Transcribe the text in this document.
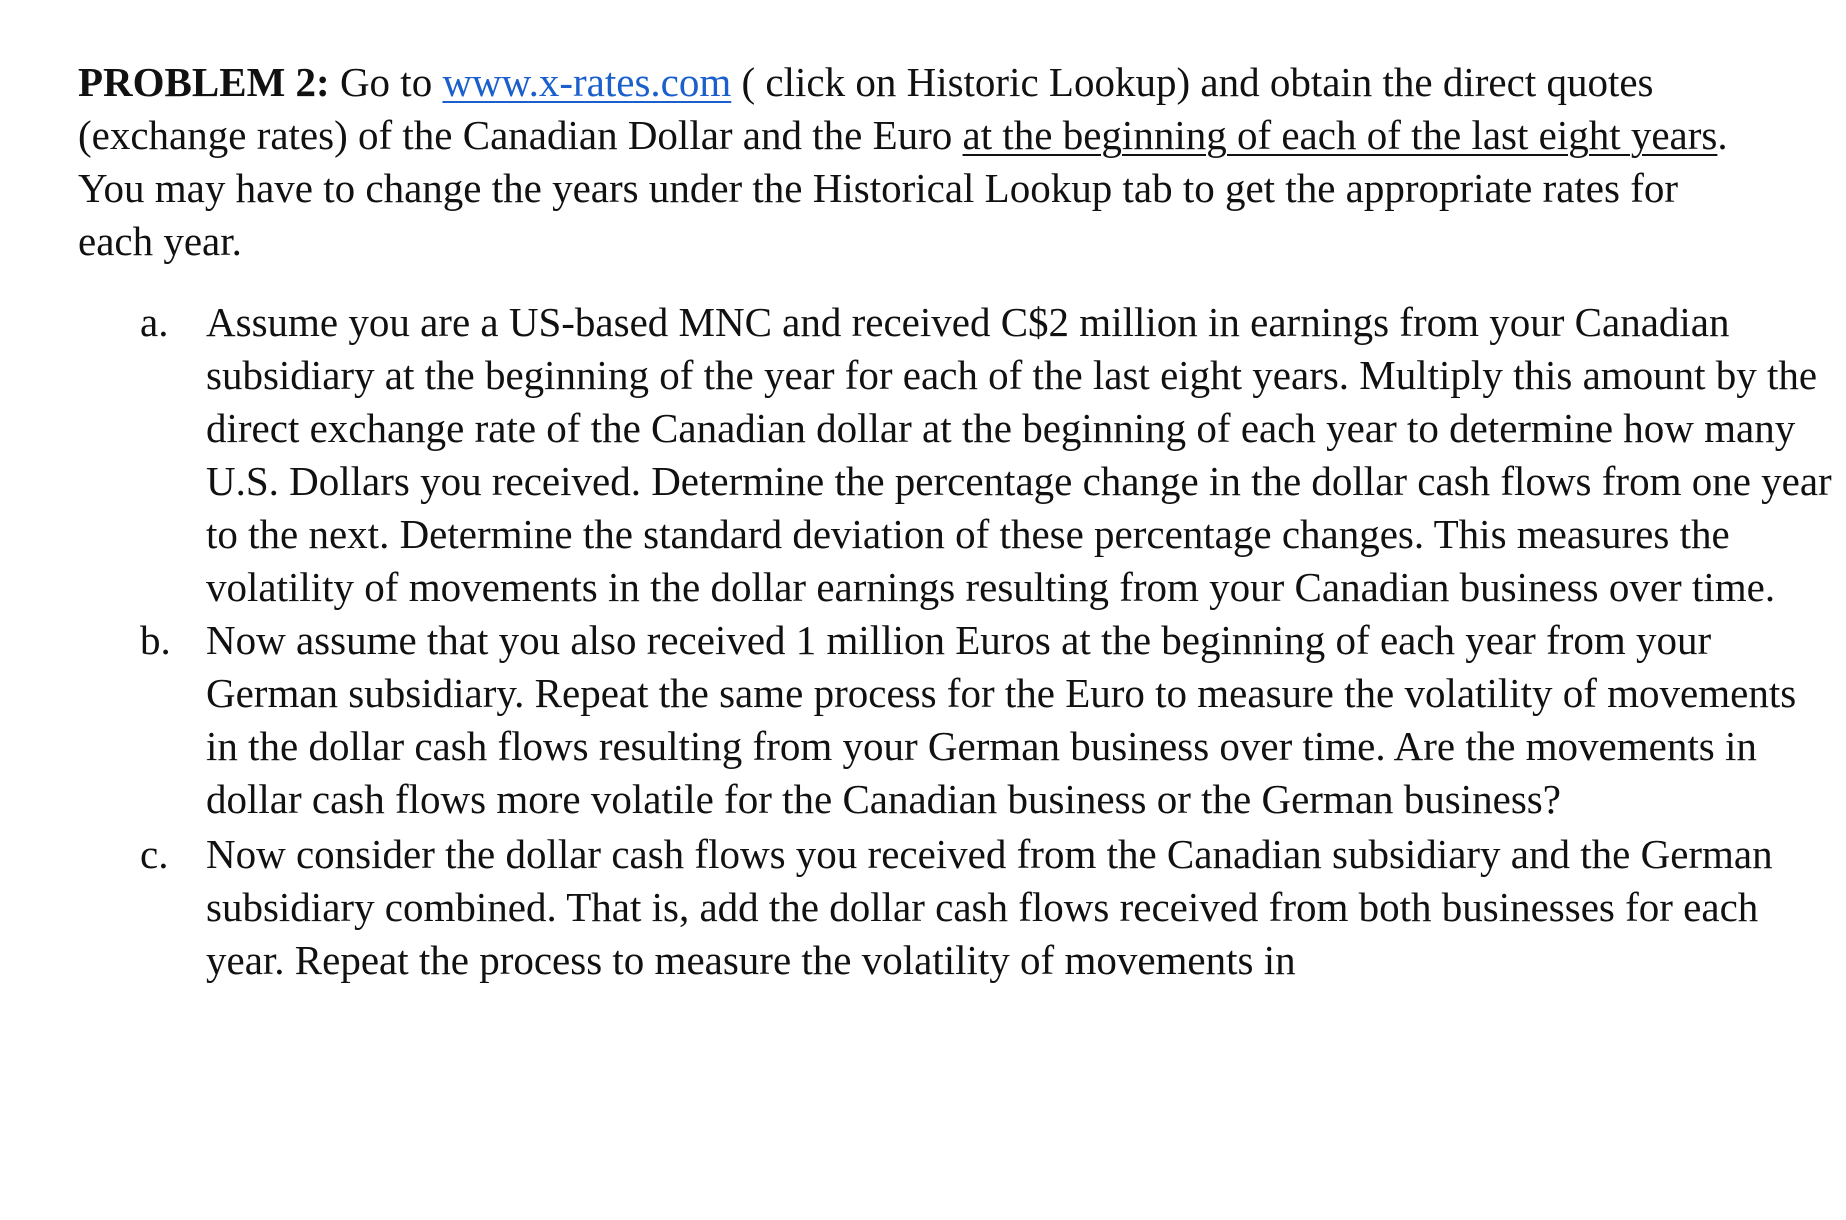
PROBLEM 2: Go to www.x-rates.com ( click on Historic Lookup) and obtain the direct quotes (exchange rates) of the Canadian Dollar and the Euro at the beginning of each of the last eight years. You may have to change the years under the Historical Lookup tab to get the appropriate rates for each year.

a. Assume you are a US-based MNC and received C$2 million in earnings from your Canadian subsidiary at the beginning of the year for each of the last eight years. Multiply this amount by the direct exchange rate of the Canadian dollar at the beginning of each year to determine how many U.S. Dollars you received. Determine the percentage change in the dollar cash flows from one year to the next. Determine the standard deviation of these percentage changes. This measures the volatility of movements in the dollar earnings resulting from your Canadian business over time.
b. Now assume that you also received 1 million Euros at the beginning of each year from your German subsidiary. Repeat the same process for the Euro to measure the volatility of movements in the dollar cash flows resulting from your German business over time. Are the movements in dollar cash flows more volatile for the Canadian business or the German business?
c. Now consider the dollar cash flows you received from the Canadian subsidiary and the German subsidiary combined. That is, add the dollar cash flows received from both businesses for each year. Repeat the process to measure the volatility of movements in
